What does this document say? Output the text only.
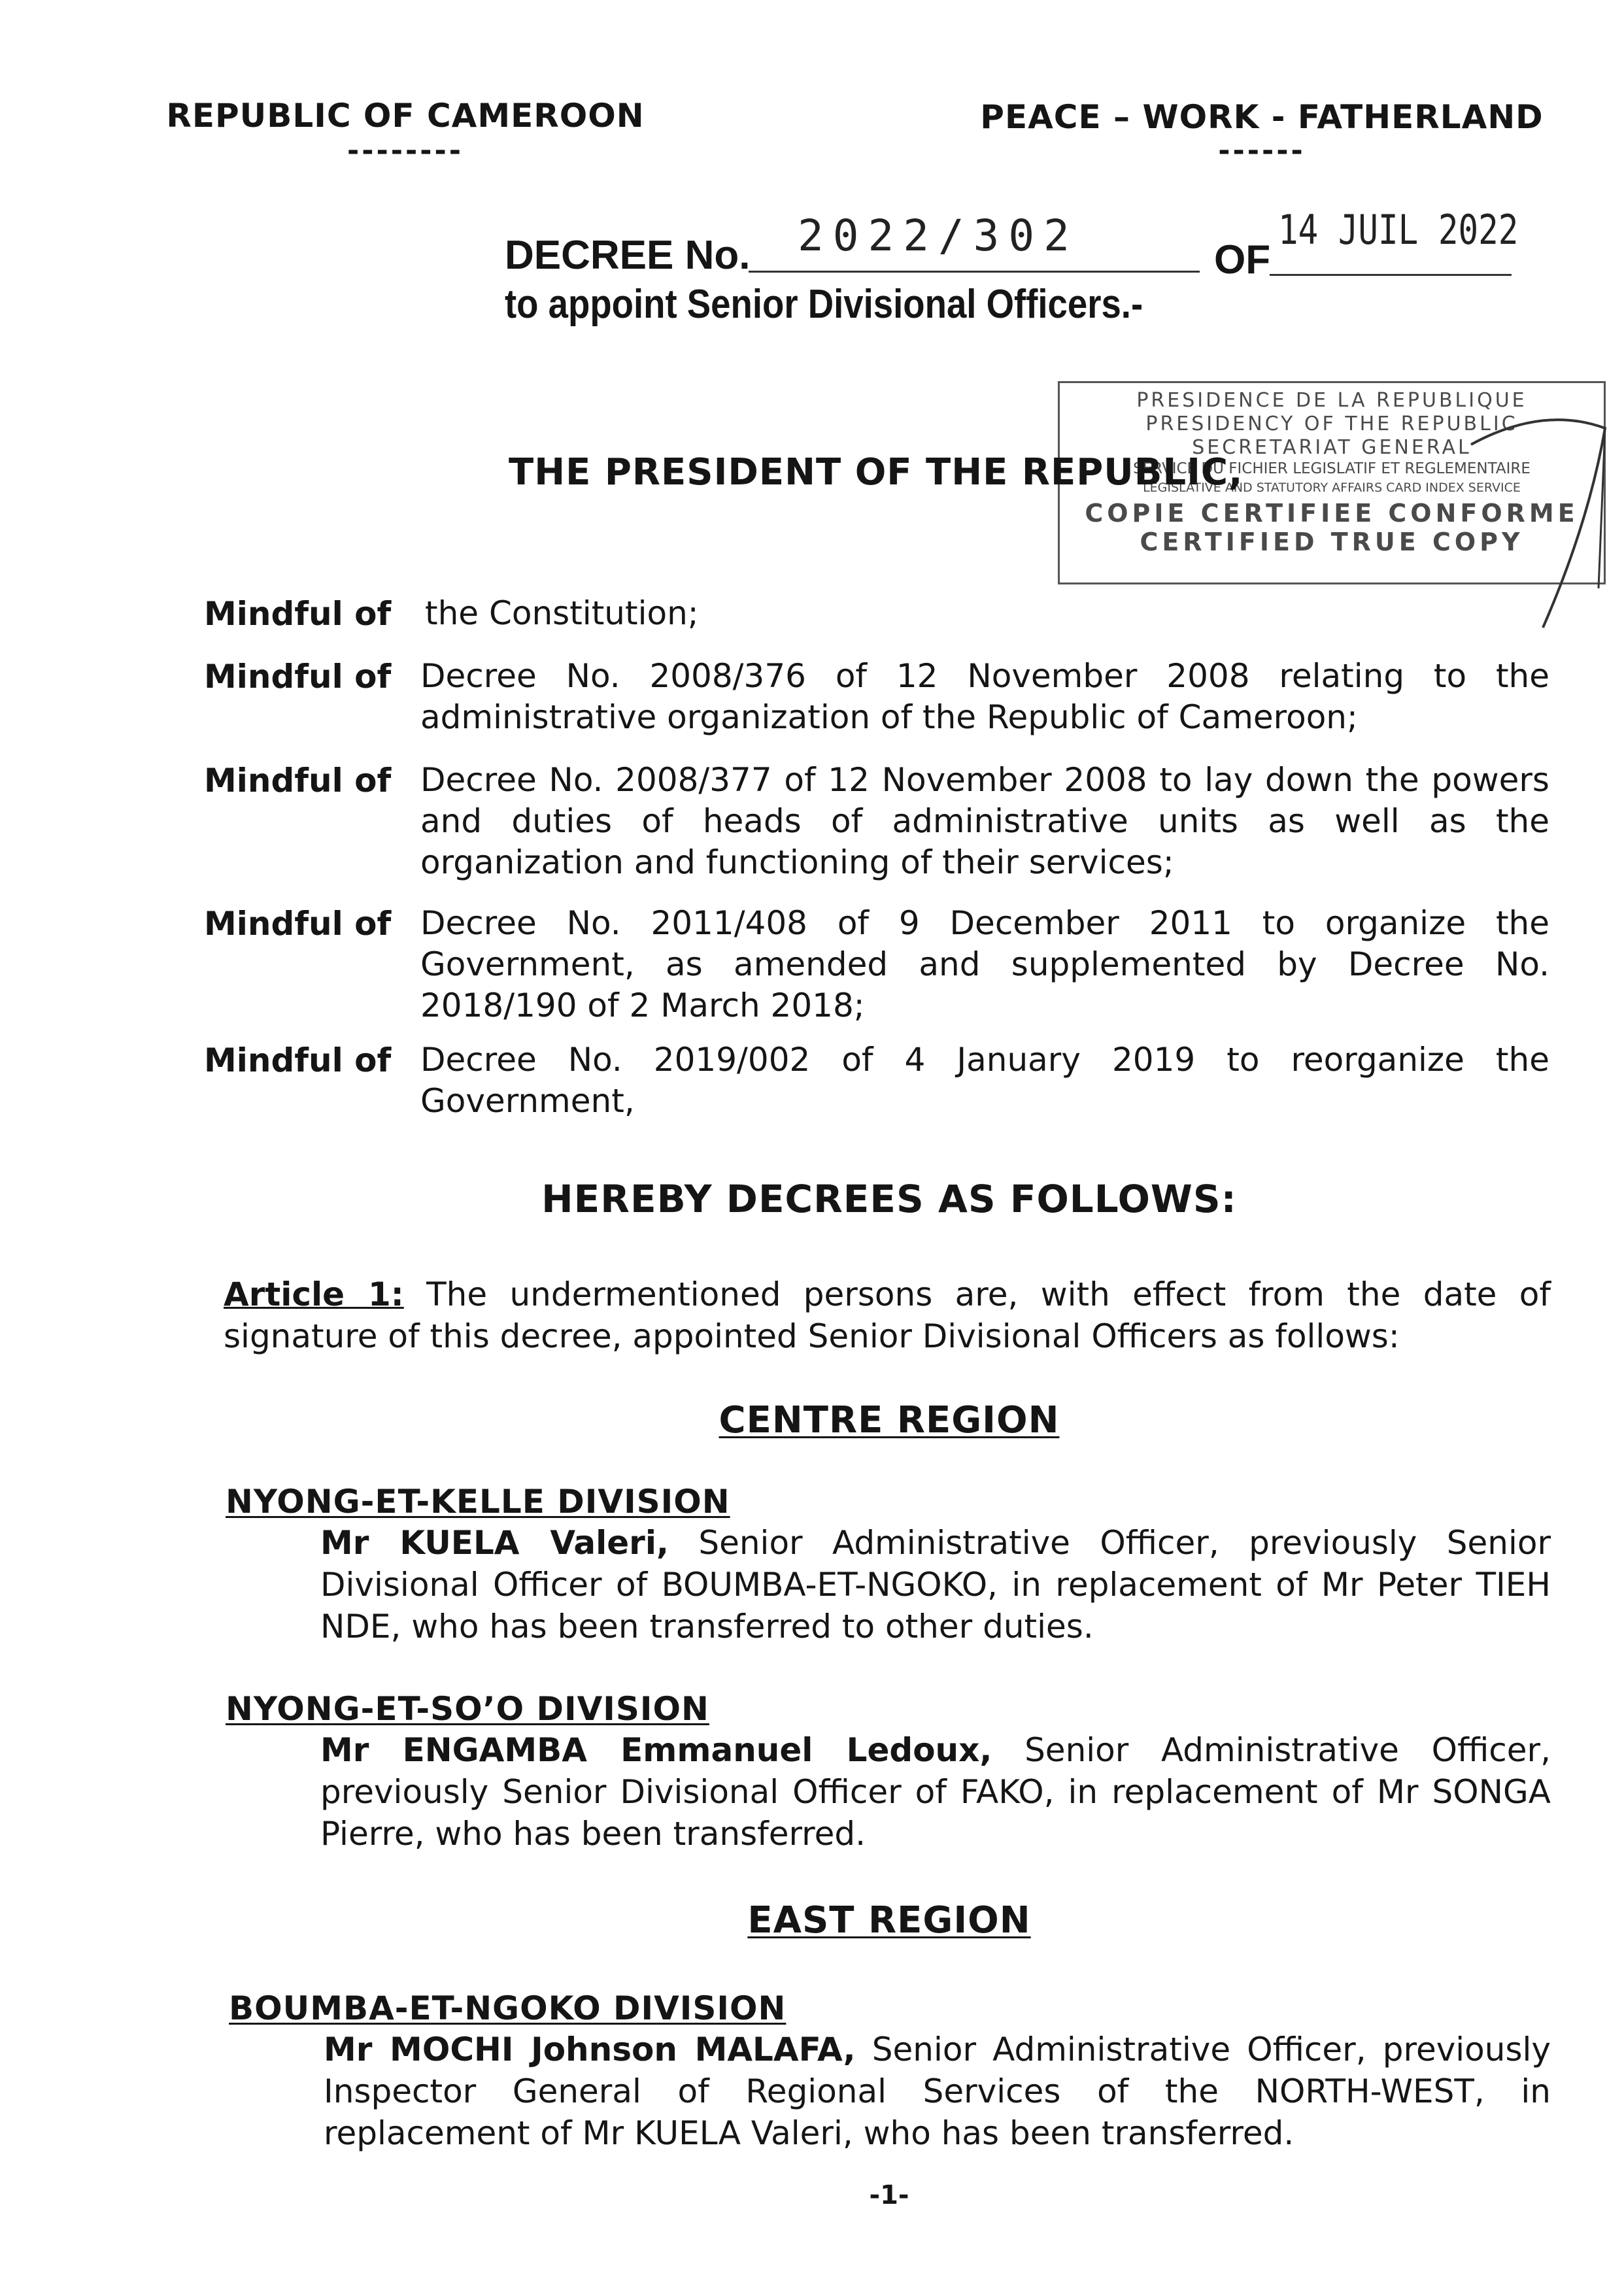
REPUBLIC OF CAMEROON
--------
PEACE – WORK - FATHERLAND
------
DECREE No. 2022/302	OF
14 JUIL 2022
to appoint Senior Divisional Officers.-
PRESIDENCE DE LA REPUBLIQUE
PRESIDENCY OF THE REPUBLIC
SECRETARIAT GENERAL
SERVICE DU FICHIER LEGISLATIF ET REGLEMENTAIRE
LEGISLATIVE AND STATUTORY AFFAIRS CARD INDEX SERVICE
COPIE CERTIFIEE CONFORME
CERTIFIED TRUE COPY
THE PRESIDENT OF THE REPUBLIC,
Mindful of the Constitution;
Mindful of Decree No. 2008/376 of 12 November 2008 relating to the administrative organization of the Republic of Cameroon;
Mindful of Decree No. 2008/377 of 12 November 2008 to lay down the powers and duties of heads of administrative units as well as the organization and functioning of their services;
Mindful of Decree No. 2011/408 of 9 December 2011 to organize the Government, as amended and supplemented by Decree No. 2018/190 of 2 March 2018;
Mindful of Decree No. 2019/002 of 4 January 2019 to reorganize the Government,
HEREBY DECREES AS FOLLOWS:
Article 1: The undermentioned persons are, with effect from the date of signature of this decree, appointed Senior Divisional Officers as follows:
CENTRE REGION
NYONG-ET-KELLE DIVISION
Mr KUELA Valeri, Senior Administrative Officer, previously Senior Divisional Officer of BOUMBA-ET-NGOKO, in replacement of Mr Peter TIEH NDE, who has been transferred to other duties.
NYONG-ET-SO’O DIVISION
Mr ENGAMBA Emmanuel Ledoux, Senior Administrative Officer, previously Senior Divisional Officer of FAKO, in replacement of Mr SONGA Pierre, who has been transferred.
EAST REGION
BOUMBA-ET-NGOKO DIVISION
Mr MOCHI Johnson MALAFA, Senior Administrative Officer, previously Inspector General of Regional Services of the NORTH-WEST, in replacement of Mr KUELA Valeri, who has been transferred.
-1-
